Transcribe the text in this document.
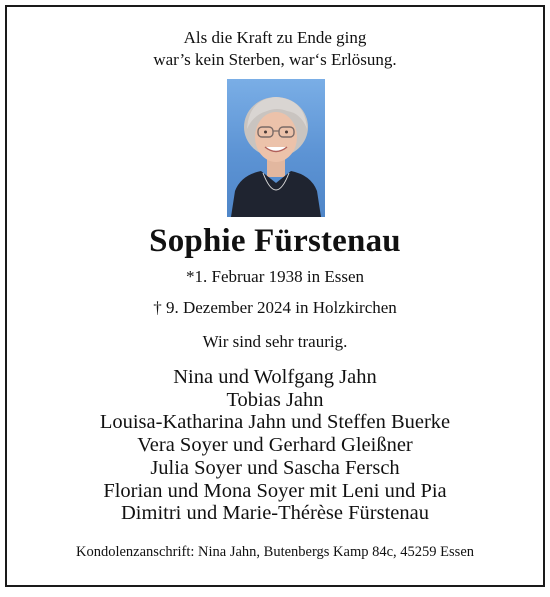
Als die Kraft zu Ende ging
war’s kein Sterben, war‘s Erlösung.
Sophie Fürstenau
*1. Februar 1938 in Essen
† 9. Dezember 2024 in Holzkirchen
Wir sind sehr traurig.
Nina und Wolfgang Jahn
Tobias Jahn
Louisa-Katharina Jahn und Steffen Buerke
Vera Soyer und Gerhard Gleißner
Julia Soyer und Sascha Fersch
Florian und Mona Soyer mit Leni und Pia
Dimitri und Marie-Thérèse Fürstenau
Kondolenzanschrift: Nina Jahn, Butenbergs Kamp 84c, 45259 Essen
